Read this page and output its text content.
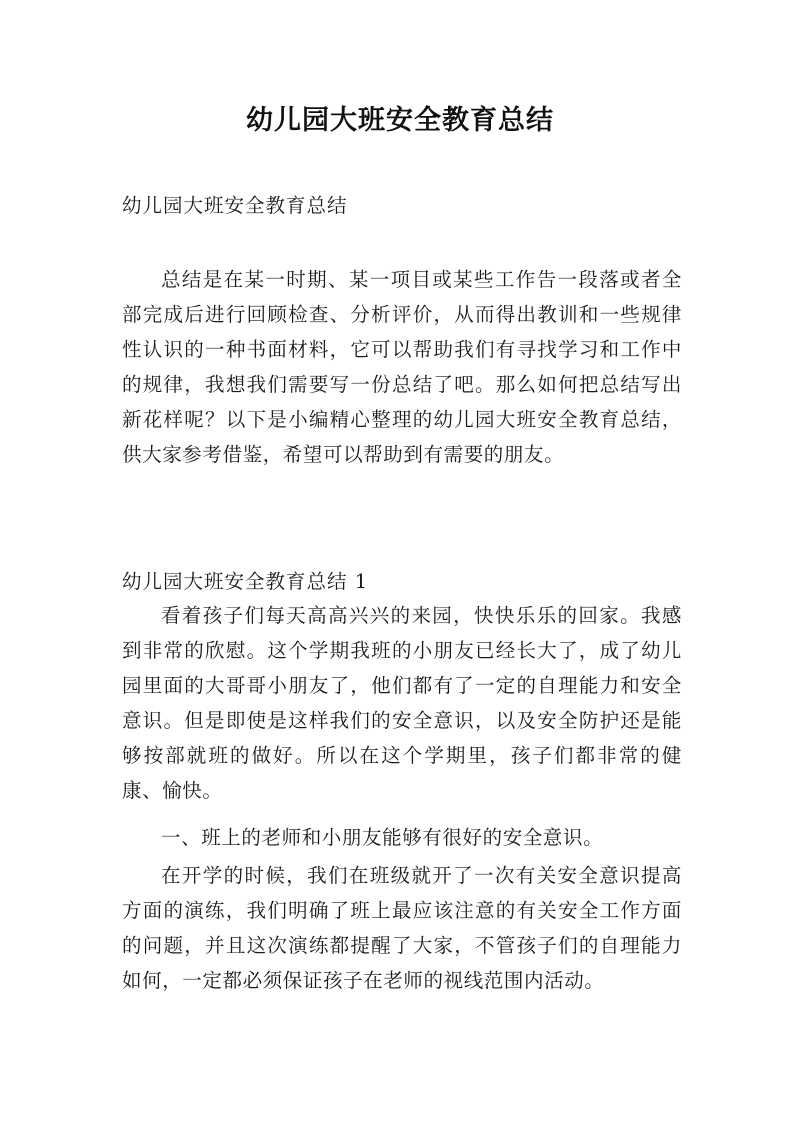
幼儿园大班安全教育总结
幼儿园大班安全教育总结

总结是在某一时期、某一项目或某些工作告一段落或者全部完成后进行回顾检查、分析评价，从而得出教训和一些规律性认识的一种书面材料，它可以帮助我们有寻找学习和工作中的规律，我想我们需要写一份总结了吧。那么如何把总结写出新花样呢？以下是小编精心整理的幼儿园大班安全教育总结，供大家参考借鉴，希望可以帮助到有需要的朋友。

幼儿园大班安全教育总结 1

看着孩子们每天高高兴兴的来园，快快乐乐的回家。我感到非常的欣慰。这个学期我班的小朋友已经长大了，成了幼儿园里面的大哥哥小朋友了，他们都有了一定的自理能力和安全意识。但是即使是这样我们的安全意识，以及安全防护还是能够按部就班的做好。所以在这个学期里，孩子们都非常的健康、愉快。

一、班上的老师和小朋友能够有很好的安全意识。

在开学的时候，我们在班级就开了一次有关安全意识提高方面的演练，我们明确了班上最应该注意的有关安全工作方面的问题，并且这次演练都提醒了大家，不管孩子们的自理能力如何，一定都必须保证孩子在老师的视线范围内活动。
